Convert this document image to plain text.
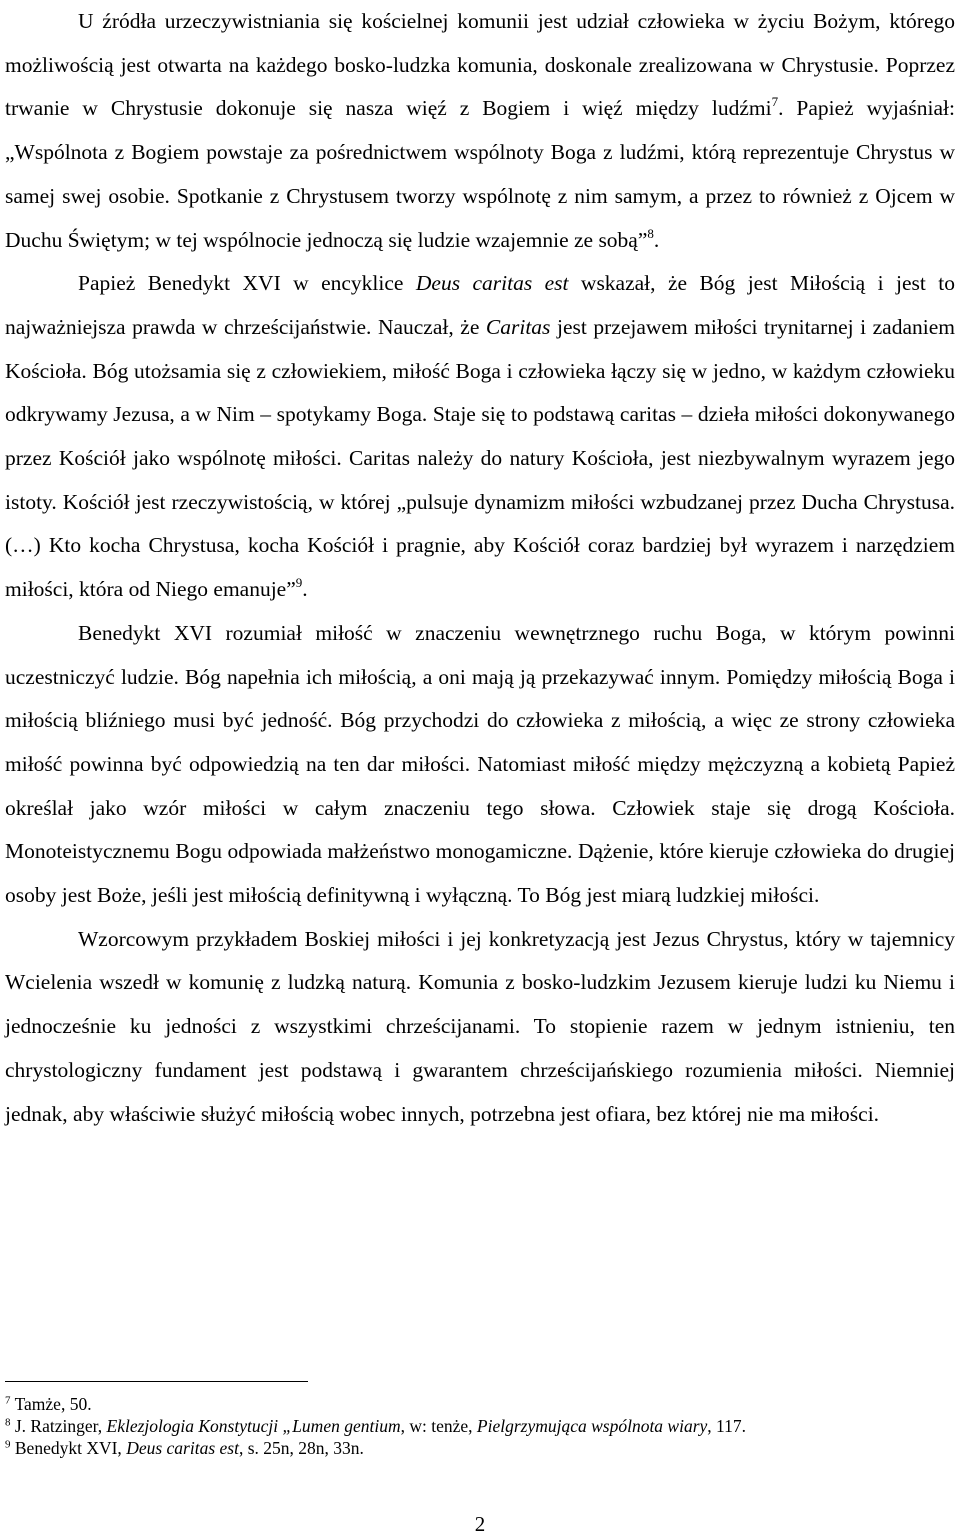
U źródła urzeczywistniania się kościelnej komunii jest udział człowieka w życiu Bożym, którego możliwością jest otwarta na każdego bosko-ludzka komunia, doskonale zrealizowana w Chrystusie. Poprzez trwanie w Chrystusie dokonuje się nasza więź z Bogiem i więź między ludźmi$^7$. Papież wyjaśniał: „Wspólnota z Bogiem powstaje za pośrednictwem wspólnoty Boga z ludźmi, którą reprezentuje Chrystus w samej swej osobie. Spotkanie z Chrystusem tworzy wspólnotę z nim samym, a przez to również z Ojcem w Duchu Świętym; w tej wspólnocie jednoczą się ludzie wzajemnie ze sobą”$^8$.

Papież Benedykt XVI w encyklice Deus caritas est wskazał, że Bóg jest Miłością i jest to najważniejsza prawda w chrześcijaństwie. Nauczał, że Caritas jest przejawem miłości trynitarnej i zadaniem Kościoła. Bóg utożsamia się z człowiekiem, miłość Boga i człowieka łączy się w jedno, w każdym człowieku odkrywamy Jezusa, a w Nim – spotykamy Boga. Staje się to podstawą caritas – dzieła miłości dokonywanego przez Kościół jako wspólnotę miłości. Caritas należy do natury Kościoła, jest niezbywalnym wyrazem jego istoty. Kościół jest rzeczywistością, w której „pulsuje dynamizm miłości wzbudzanej przez Ducha Chrystusa. (…) Kto kocha Chrystusa, kocha Kościół i pragnie, aby Kościół coraz bardziej był wyrazem i narzędziem miłości, która od Niego emanuje”$^9$.

Benedykt XVI rozumiał miłość w znaczeniu wewnętrznego ruchu Boga, w którym powinni uczestniczyć ludzie. Bóg napełnia ich miłością, a oni mają ją przekazywać innym. Pomiędzy miłością Boga i miłością bliźniego musi być jedność. Bóg przychodzi do człowieka z miłością, a więc ze strony człowieka miłość powinna być odpowiedzią na ten dar miłości. Natomiast miłość między mężczyzną a kobietą Papież określał jako wzór miłości w całym znaczeniu tego słowa. Człowiek staje się drogą Kościoła. Monoteistycznemu Bogu odpowiada małżeństwo monogamiczne. Dążenie, które kieruje człowieka do drugiej osoby jest Boże, jeśli jest miłością definitywną i wyłączną. To Bóg jest miarą ludzkiej miłości.

Wzorcowym przykładem Boskiej miłości i jej konkretyzacją jest Jezus Chrystus, który w tajemnicy Wcielenia wszedł w komunię z ludzką naturą. Komunia z bosko-ludzkim Jezusem kieruje ludzi ku Niemu i jednocześnie ku jedności z wszystkimi chrześcijanami. To stopienie razem w jednym istnieniu, ten chrystologiczny fundament jest podstawą i gwarantem chrześcijańskiego rozumienia miłości. Niemniej jednak, aby właściwie służyć miłością wobec innych, potrzebna jest ofiara, bez której nie ma miłości.

$^7$ Tamże, 50.
$^8$ J. Ratzinger, Eklezjologia Konstytucji „Lumen gentium, w: tenże, Pielgrzymująca wspólnota wiary, 117.
$^9$ Benedykt XVI, Deus caritas est, s. 25n, 28n, 33n.
2
